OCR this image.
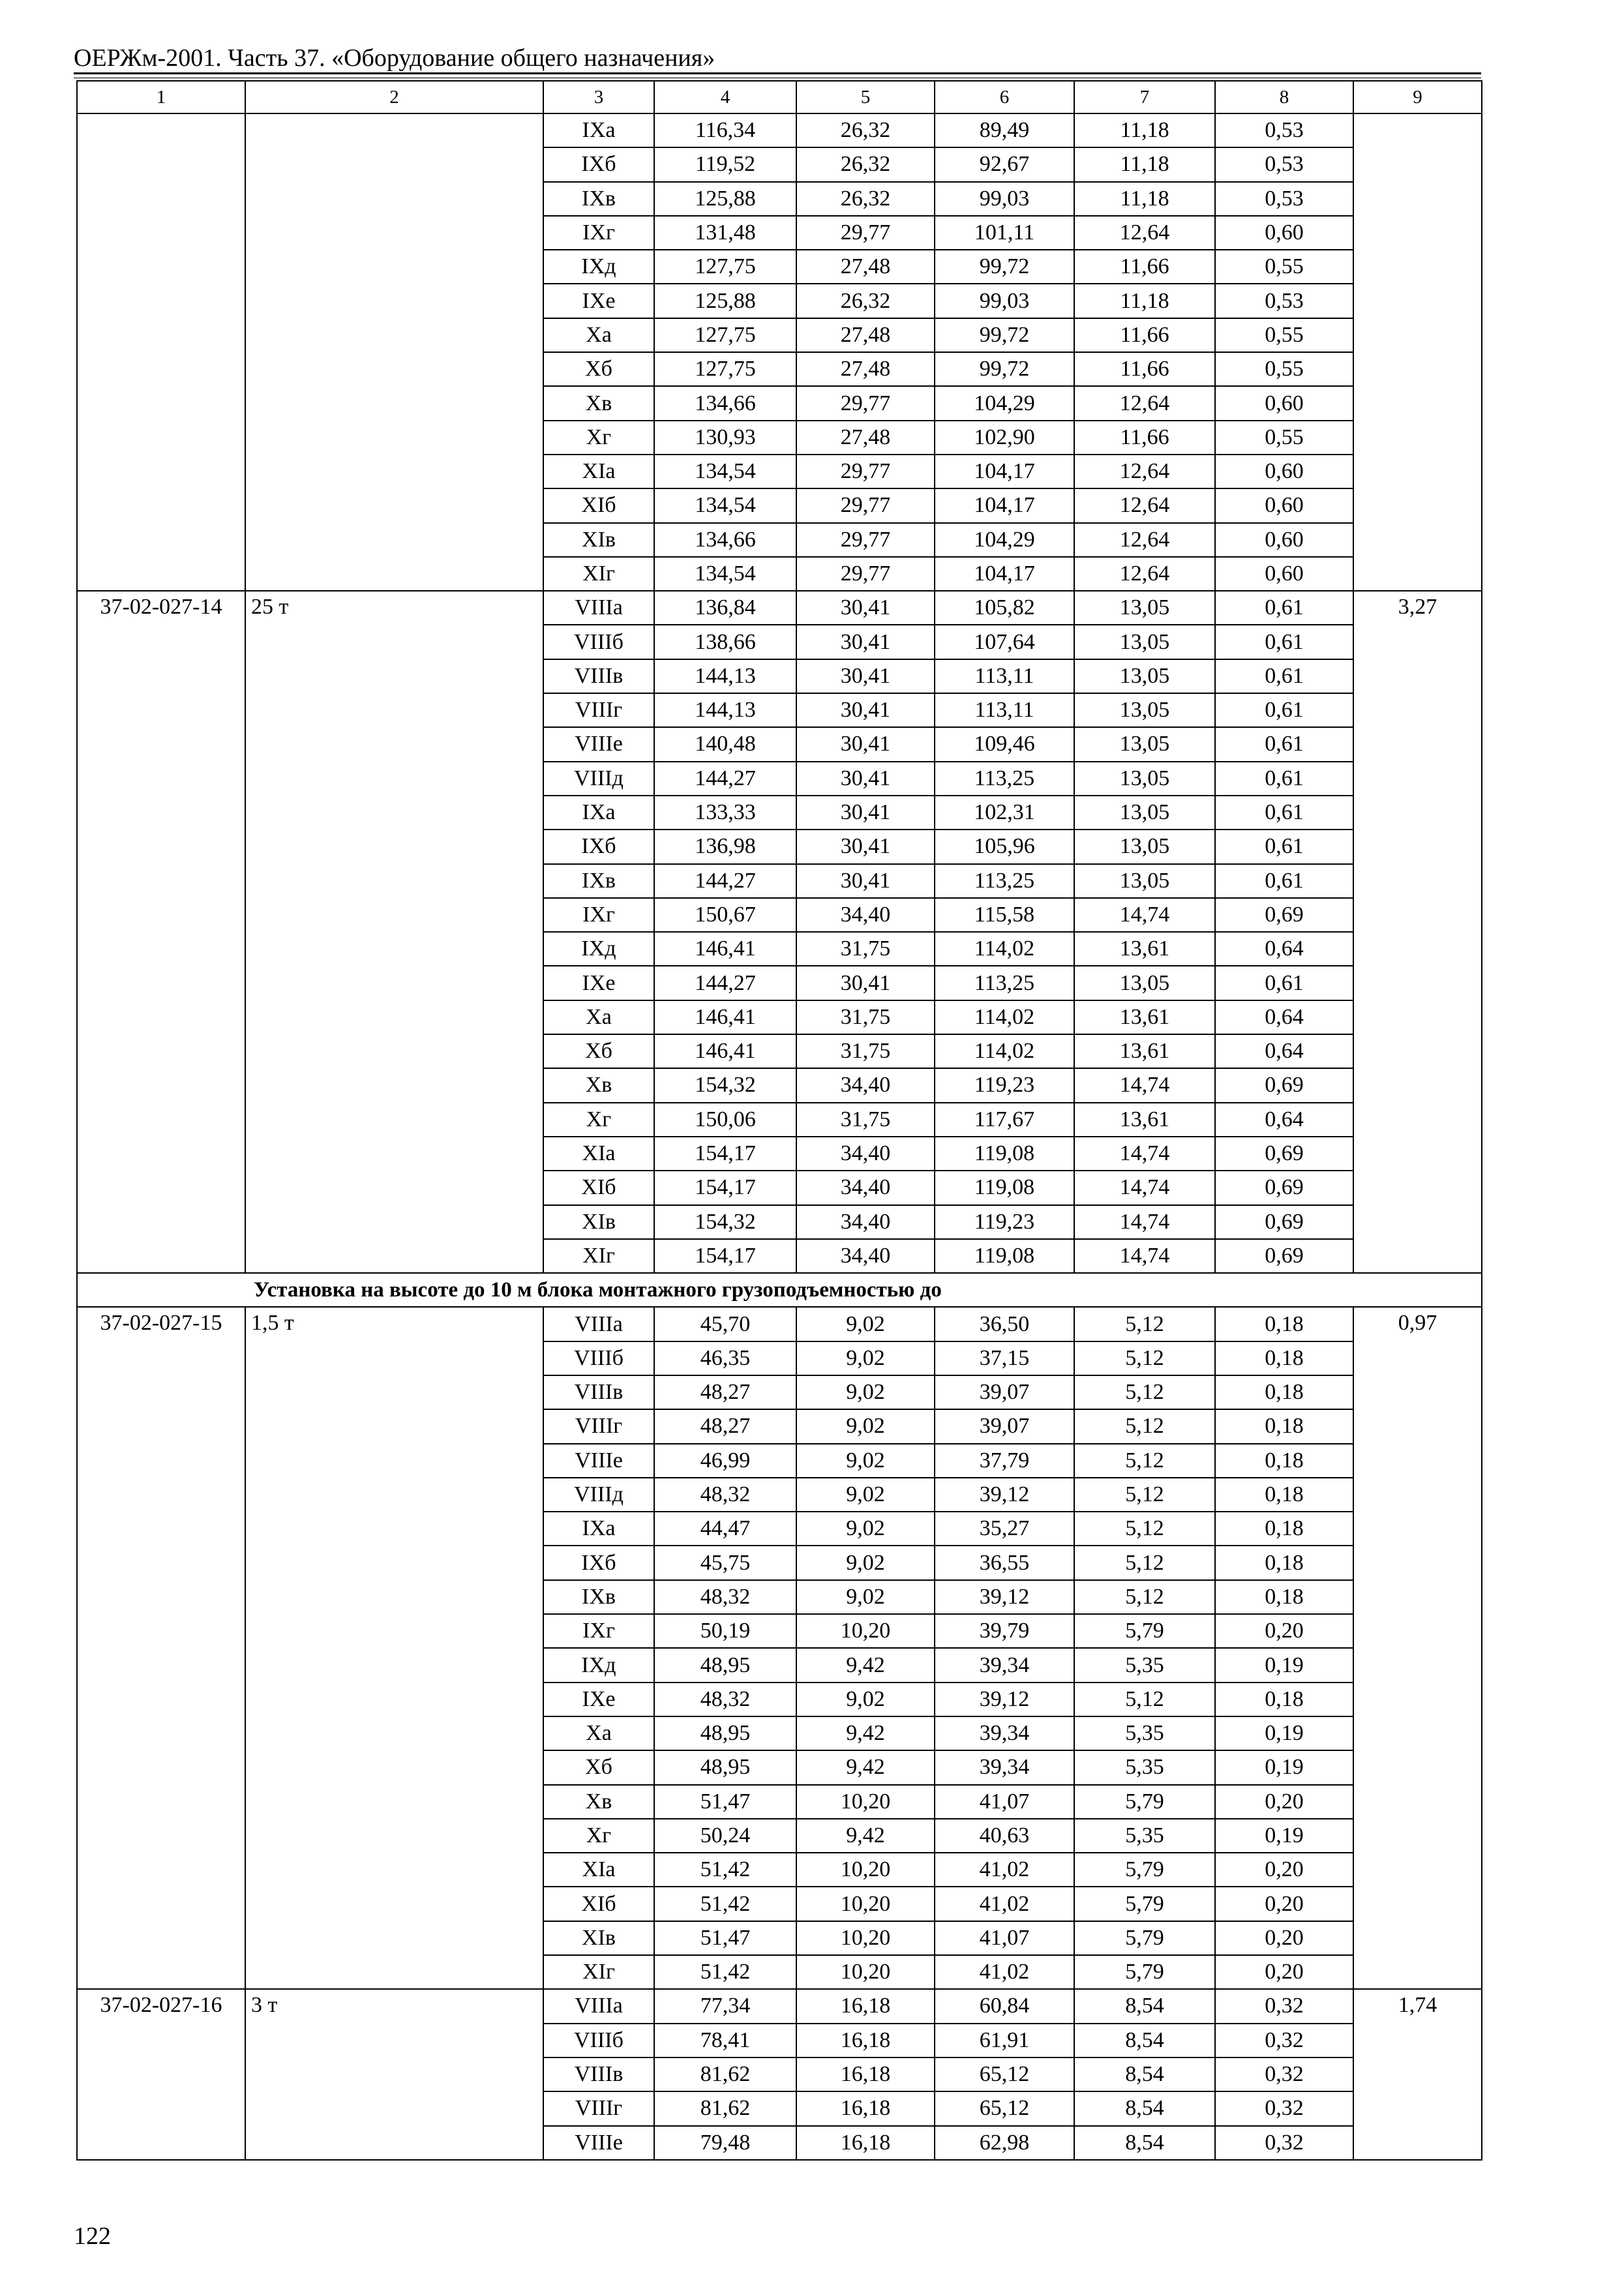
ОЕРЖм-2001. Часть 37. «Оборудование общего назначения»
1	2	3	4	5	6	7	8	9
		IXa	116,34	26,32	89,49	11,18	0,53	
		IXб	119,52	26,32	92,67	11,18	0,53	
		IXв	125,88	26,32	99,03	11,18	0,53	
		IXг	131,48	29,77	101,11	12,64	0,60	
		IXд	127,75	27,48	99,72	11,66	0,55	
		IXе	125,88	26,32	99,03	11,18	0,53	
		Xa	127,75	27,48	99,72	11,66	0,55	
		Xб	127,75	27,48	99,72	11,66	0,55	
		Xв	134,66	29,77	104,29	12,64	0,60	
		Xг	130,93	27,48	102,90	11,66	0,55	
		XIa	134,54	29,77	104,17	12,64	0,60	
		XIб	134,54	29,77	104,17	12,64	0,60	
		XIв	134,66	29,77	104,29	12,64	0,60	
		XIг	134,54	29,77	104,17	12,64	0,60	
37-02-027-14	25 т	VIIIa	136,84	30,41	105,82	13,05	0,61	3,27
		VIIIб	138,66	30,41	107,64	13,05	0,61	
		VIIIв	144,13	30,41	113,11	13,05	0,61	
		VIIIг	144,13	30,41	113,11	13,05	0,61	
		VIIIе	140,48	30,41	109,46	13,05	0,61	
		VIIIд	144,27	30,41	113,25	13,05	0,61	
		IXa	133,33	30,41	102,31	13,05	0,61	
		IXб	136,98	30,41	105,96	13,05	0,61	
		IXв	144,27	30,41	113,25	13,05	0,61	
		IXг	150,67	34,40	115,58	14,74	0,69	
		IXд	146,41	31,75	114,02	13,61	0,64	
		IXе	144,27	30,41	113,25	13,05	0,61	
		Xa	146,41	31,75	114,02	13,61	0,64	
		Xб	146,41	31,75	114,02	13,61	0,64	
		Xв	154,32	34,40	119,23	14,74	0,69	
		Xг	150,06	31,75	117,67	13,61	0,64	
		XIa	154,17	34,40	119,08	14,74	0,69	
		XIб	154,17	34,40	119,08	14,74	0,69	
		XIв	154,32	34,40	119,23	14,74	0,69	
		XIг	154,17	34,40	119,08	14,74	0,69	
Установка на высоте до 10 м блока монтажного грузоподъемностью до								
37-02-027-15	1,5 т	VIIIa	45,70	9,02	36,50	5,12	0,18	0,97
		VIIIб	46,35	9,02	37,15	5,12	0,18	
		VIIIв	48,27	9,02	39,07	5,12	0,18	
		VIIIг	48,27	9,02	39,07	5,12	0,18	
		VIIIе	46,99	9,02	37,79	5,12	0,18	
		VIIIд	48,32	9,02	39,12	5,12	0,18	
		IXa	44,47	9,02	35,27	5,12	0,18	
		IXб	45,75	9,02	36,55	5,12	0,18	
		IXв	48,32	9,02	39,12	5,12	0,18	
		IXг	50,19	10,20	39,79	5,79	0,20	
		IXд	48,95	9,42	39,34	5,35	0,19	
		IXе	48,32	9,02	39,12	5,12	0,18	
		Xa	48,95	9,42	39,34	5,35	0,19	
		Xб	48,95	9,42	39,34	5,35	0,19	
		Xв	51,47	10,20	41,07	5,79	0,20	
		Xг	50,24	9,42	40,63	5,35	0,19	
		XIa	51,42	10,20	41,02	5,79	0,20	
		XIб	51,42	10,20	41,02	5,79	0,20	
		XIв	51,47	10,20	41,07	5,79	0,20	
		XIг	51,42	10,20	41,02	5,79	0,20	
37-02-027-16	3 т	VIIIa	77,34	16,18	60,84	8,54	0,32	1,74
		VIIIб	78,41	16,18	61,91	8,54	0,32	
		VIIIв	81,62	16,18	65,12	8,54	0,32	
		VIIIг	81,62	16,18	65,12	8,54	0,32	
		VIIIе	79,48	16,18	62,98	8,54	0,32	
122
